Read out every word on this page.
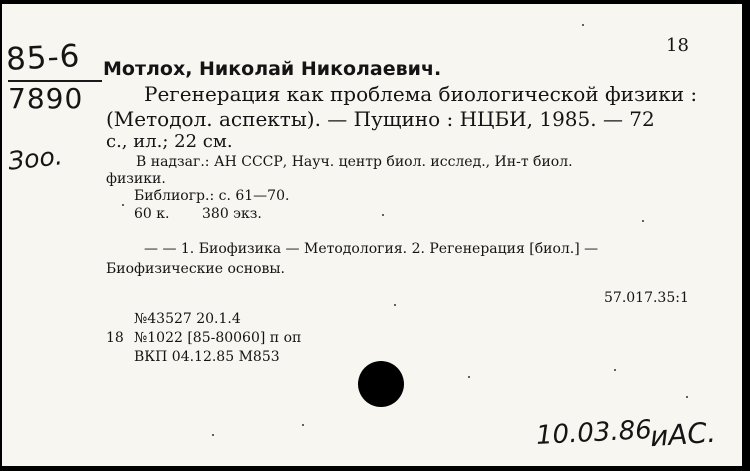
18
85-6
7890
Зоо.
Мотлох, Николай Николаевич.
Регенерация как проблема биологической физики :
(Методол. аспекты). — Пущино : НЦБИ, 1985. — 72
с., ил.; 22 см.
В надзаг.: АН СССР, Науч. центр биол. исслед., Ин-т биол.
физики.
Библиогр.: с. 61—70.
60 к. 380 экз.
— — 1. Биофизика — Методология. 2. Регенерация [биол.] —
Биофизические основы.
57.017.35:1
№43527 20.1.4
18 №1022 [85-80060] п оп
ВКП 04.12.85 М853
10.03.86
иАС.
